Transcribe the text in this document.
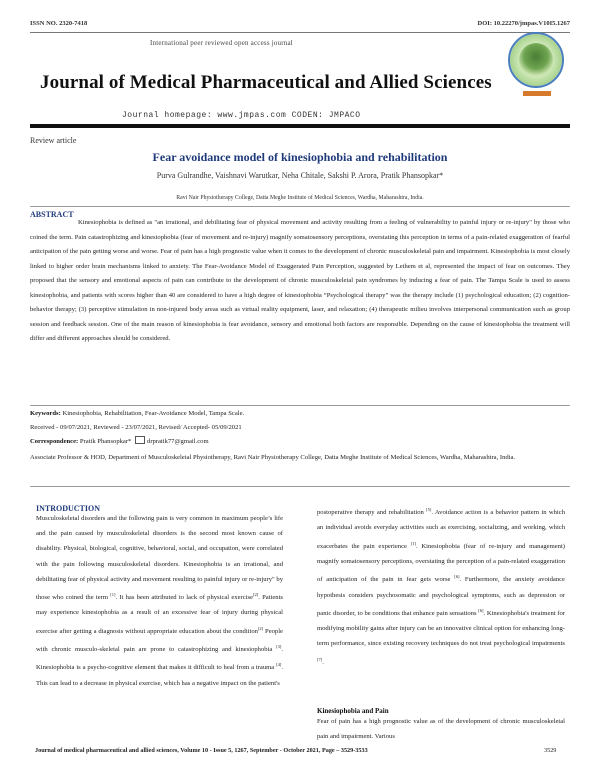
ISSN NO. 2320-7418	DOI: 10.22270/jmpas.V10I5.1267
International peer reviewed open access journal
Journal of Medical Pharmaceutical and Allied Sciences
Journal homepage: www.jmpas.com CODEN: JMPACO
Review article
Fear avoidance model of kinesiophobia and rehabilitation
Purva Gulrandhe, Vaishnavi Warutkar, Neha Chitale, Sakshi P. Arora, Pratik Phansopkar*
Ravi Nair Physiotherapy College, Datta Meghe Institute of Medical Sciences, Wardha, Maharashtra, India.
ABSTRACT
Kinesiophobia is defined as "an irrational, and debilitating fear of physical movement and activity resulting from a feeling of vulnerability to painful injury or re-injury" by those who coined the term. Pain catastrophizing and kinesiophobia (fear of movement and re-injury) magnify somatosensory perceptions, overstating this perception in terms of a pain-related exaggeration of fearful anticipation of the pain getting worse and worse. Fear of pain has a high prognostic value when it comes to the development of chronic musculoskeletal pain and impairment. Kinesiophobia is most closely linked to higher order brain mechanisms linked to anxiety. The Fear-Avoidance Model of Exaggerated Pain Perception, suggested by Lethem et al, represented the impact of fear on outcomes. They proposed that the sensory and emotional aspects of pain can contribute to the development of chronic musculoskeletal pain syndromes by inducing a fear of pain. The Tampa Scale is used to assess kinesiophobia, and patients with scores higher than 40 are considered to have a high degree of kinesiophobia “Psychological therapy” was the therapy include (1) psychological education; (2) cognition-behavior therapy; (3) perceptive stimulation in non-injured body areas such as virtual reality equipment, laser, and relaxation; (4) therapeutic milieu involves interpersonal communication such as group session and feedback session. One of the main reason of kinesiophobia is fear avoidance, sensory and emotional both factors are responsible. Depending on the cause of kinesiophobia the treatment will differ and different approaches should be considered.
Keywords: Kinesiophobia, Rehabilitation, Fear-Avoidance Model, Tampa Scale.
Received - 09/07/2021, Reviewed - 23/07/2021, Revised/ Accepted- 05/09/2021
Correspondence: Pratik Phansopkar* drpratik77@gmail.com
Associate Professor & HOD, Department of Musculoskeletal Physiotherapy, Ravi Nair Physiotherapy College, Datta Meghe Institute of Medical Sciences, Wardha, Maharashtra, India.
INTRODUCTION
Musculoskeletal disorders and the following pain is very common in maximum people’s life and the pain caused by musculoskeletal disorders is the second most known cause of disability. Physical, biological, cognitive, behavioral, social, and occupation, were correlated with the pain following musculoskeletal disorders. Kinesiophobia is an irrational, and debilitating fear of physical activity and movement resulting to painful injury or re-injury" by those who coined the term [1]. It has been attributed to lack of physical exercise[2]. Patients may experience kinesiophobia as a result of an excessive fear of injury during physical exercise after getting a diagnosis without appropriate education about the condition[2] People with chronic musculo-skeletal pain are prone to catastrophizing and kinesiophobia [3]. Kinesiophobia is a psycho-cognitive element that makes it difficult to heal from a trauma [4]. This can lead to a decrease in physical exercise, which has a negative impact on the patient's
postoperative therapy and rehabilitation [5]. Avoidance action is a behavior pattern in which an individual avoids everyday activities such as exercising, socializing, and working, which exacerbates the pain experience [1]. Kinesiophobia (fear of re-injury and management) magnify somatosensory perceptions, overstating the perception of a pain-related exaggeration of anticipation of the pain in fear gets worse [6]. Furthermore, the anxiety avoidance hypothesis considers psychosomatic and psychological symptoms, such as depression or panic disorder, to be conditions that enhance pain sensations [6]. Kinesiophobia's treatment for modifying mobility gains after injury can be an innovative clinical option for enhancing long-term performance, since existing recovery techniques do not treat psychological impairments [7].
Kinesiophobia and Pain
Fear of pain has a high prognostic value as of the development of chronic musculoskeletal pain and impairment. Various
Journal of medical pharmaceutical and allied sciences, Volume 10 - Issue 5, 1267, September - October 2021, Page – 3529-3533	3529
